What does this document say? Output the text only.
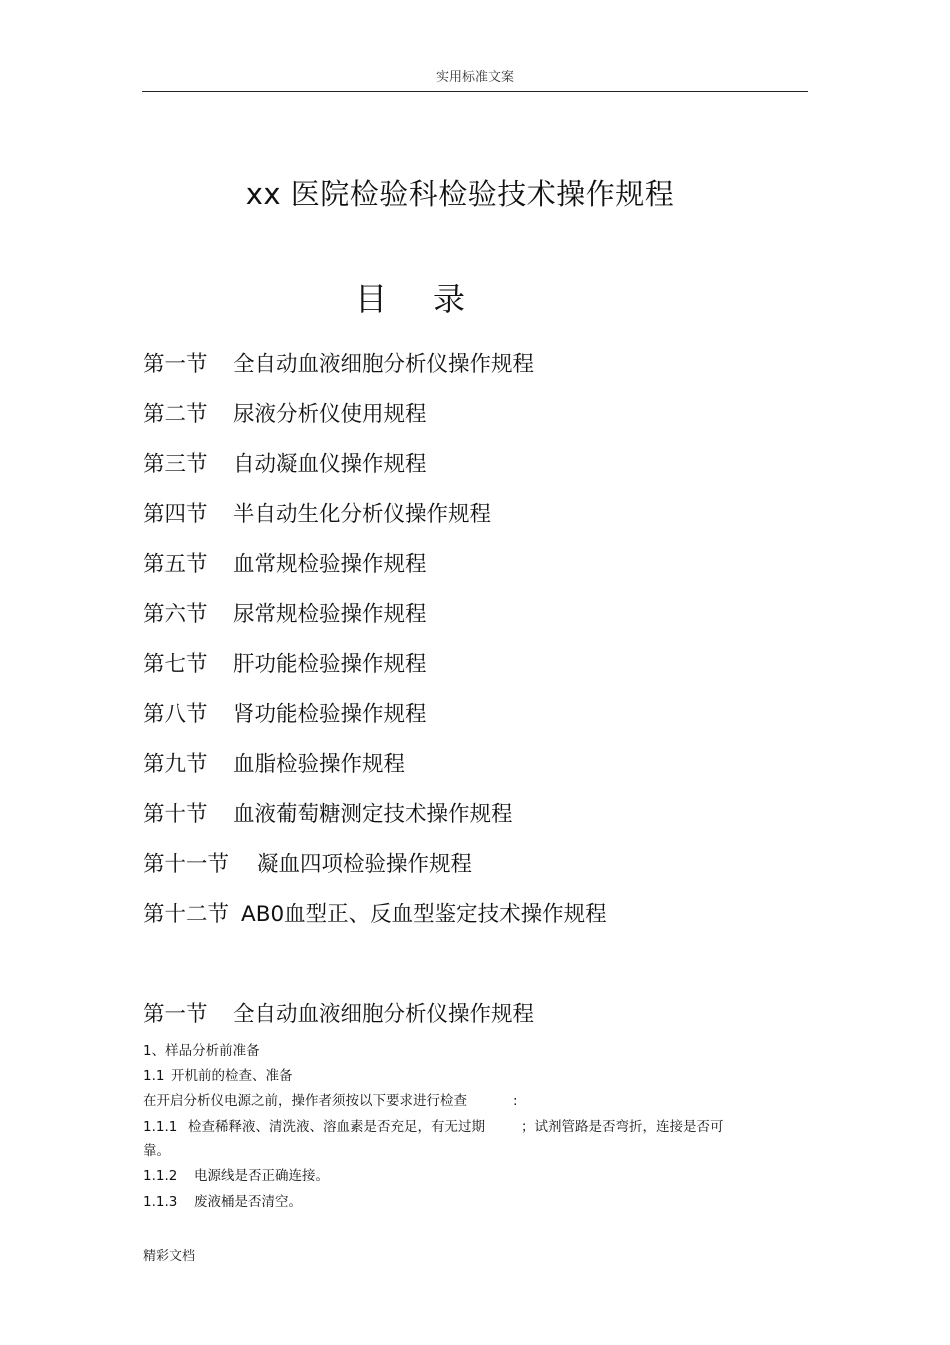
实用标准文案
xx 医院检验科检验技术操作规程
目 录
第一节 全自动血液细胞分析仪操作规程
第二节 尿液分析仪使用规程
第三节 自动凝血仪操作规程
第四节 半自动生化分析仪操作规程
第五节 血常规检验操作规程
第六节 尿常规检验操作规程
第七节 肝功能检验操作规程
第八节 肾功能检验操作规程
第九节 血脂检验操作规程
第十节 血液葡萄糖测定技术操作规程
第十一节 凝血四项检验操作规程
第十二节 AB0血型正、反血型鉴定技术操作规程
第一节 全自动血液细胞分析仪操作规程
1、样品分析前准备
1.1 开机前的检查、准备
在开启分析仪电源之前，操作者须按以下要求进行检查	:
1.1.1 检查稀释液、清洗液、溶血素是否充足，有无过期	；试剂管路是否弯折，连接是否可
靠。
1.1.2 电源线是否正确连接。
1.1.3 废液桶是否清空。
精彩文档
